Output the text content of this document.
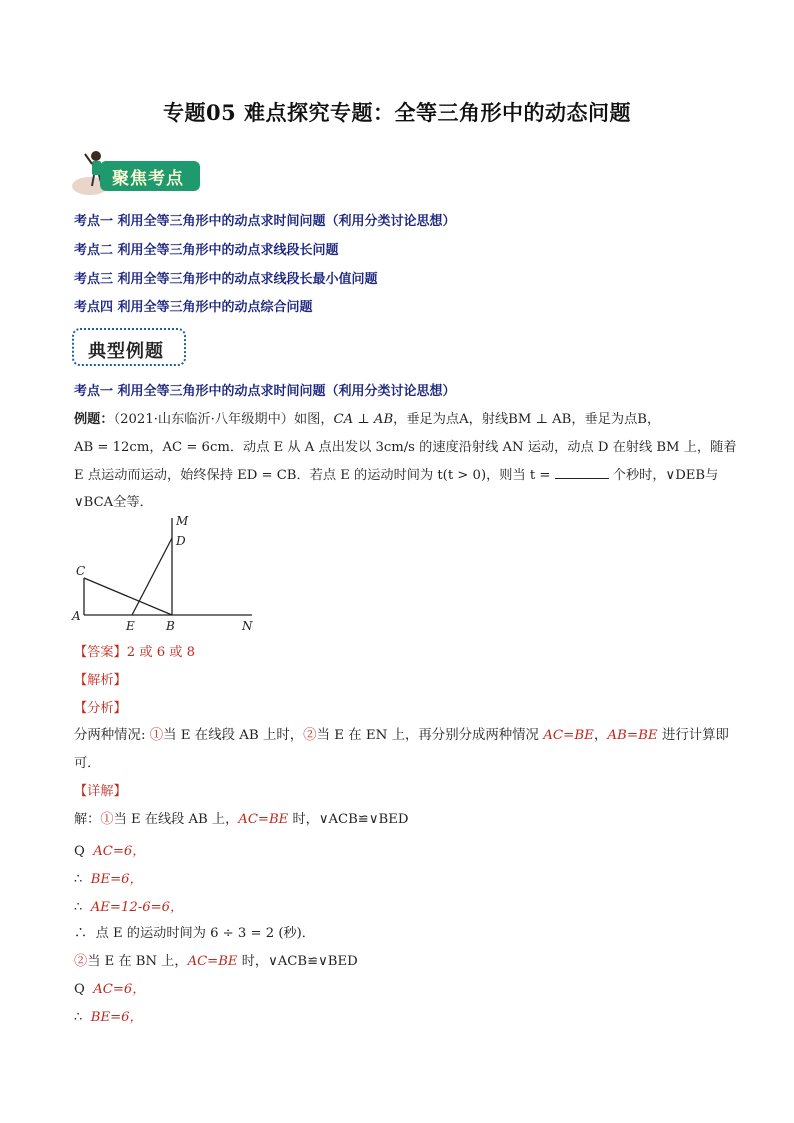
专题05 难点探究专题：全等三角形中的动态问题
聚焦考点
考点一 利用全等三角形中的动点求时间问题（利用分类讨论思想）
考点二 利用全等三角形中的动点求线段长问题
考点三 利用全等三角形中的动点求线段长最小值问题
考点四 利用全等三角形中的动点综合问题
典型例题
考点一 利用全等三角形中的动点求时间问题（利用分类讨论思想）
例题：（2021·山东临沂·八年级期中）如图，CA ⊥ AB，垂足为点A，射线BM ⊥ AB，垂足为点B，
AB = 12cm，AC = 6cm．动点 E 从 A 点出发以 3cm/s 的速度沿射线 AN 运动，动点 D 在射线 BM 上，随着
E 点运动而运动，始终保持 ED = CB．若点 E 的运动时间为 t(t > 0)，则当 t =	个秒时，∨DEB与
∨BCA全等．
M
D
C
A
E	B	N
【答案】2 或 6 或 8
【解析】
【分析】
分两种情况: ①当 E 在线段 AB 上时，②当 E 在 EN 上，再分别分成两种情况 AC=BE，AB=BE 进行计算即
可．
【详解】
解：①当 E 在线段 AB 上，AC=BE 时，∨ACB≌∨BED
Q AC=6，
∴ BE=6，
∴ AE=12-6=6，
∴ 点 E 的运动时间为 6 ÷ 3 = 2 (秒)．
②当 E 在 BN 上，AC=BE 时，∨ACB≌∨BED
Q AC=6，
∴ BE=6，
